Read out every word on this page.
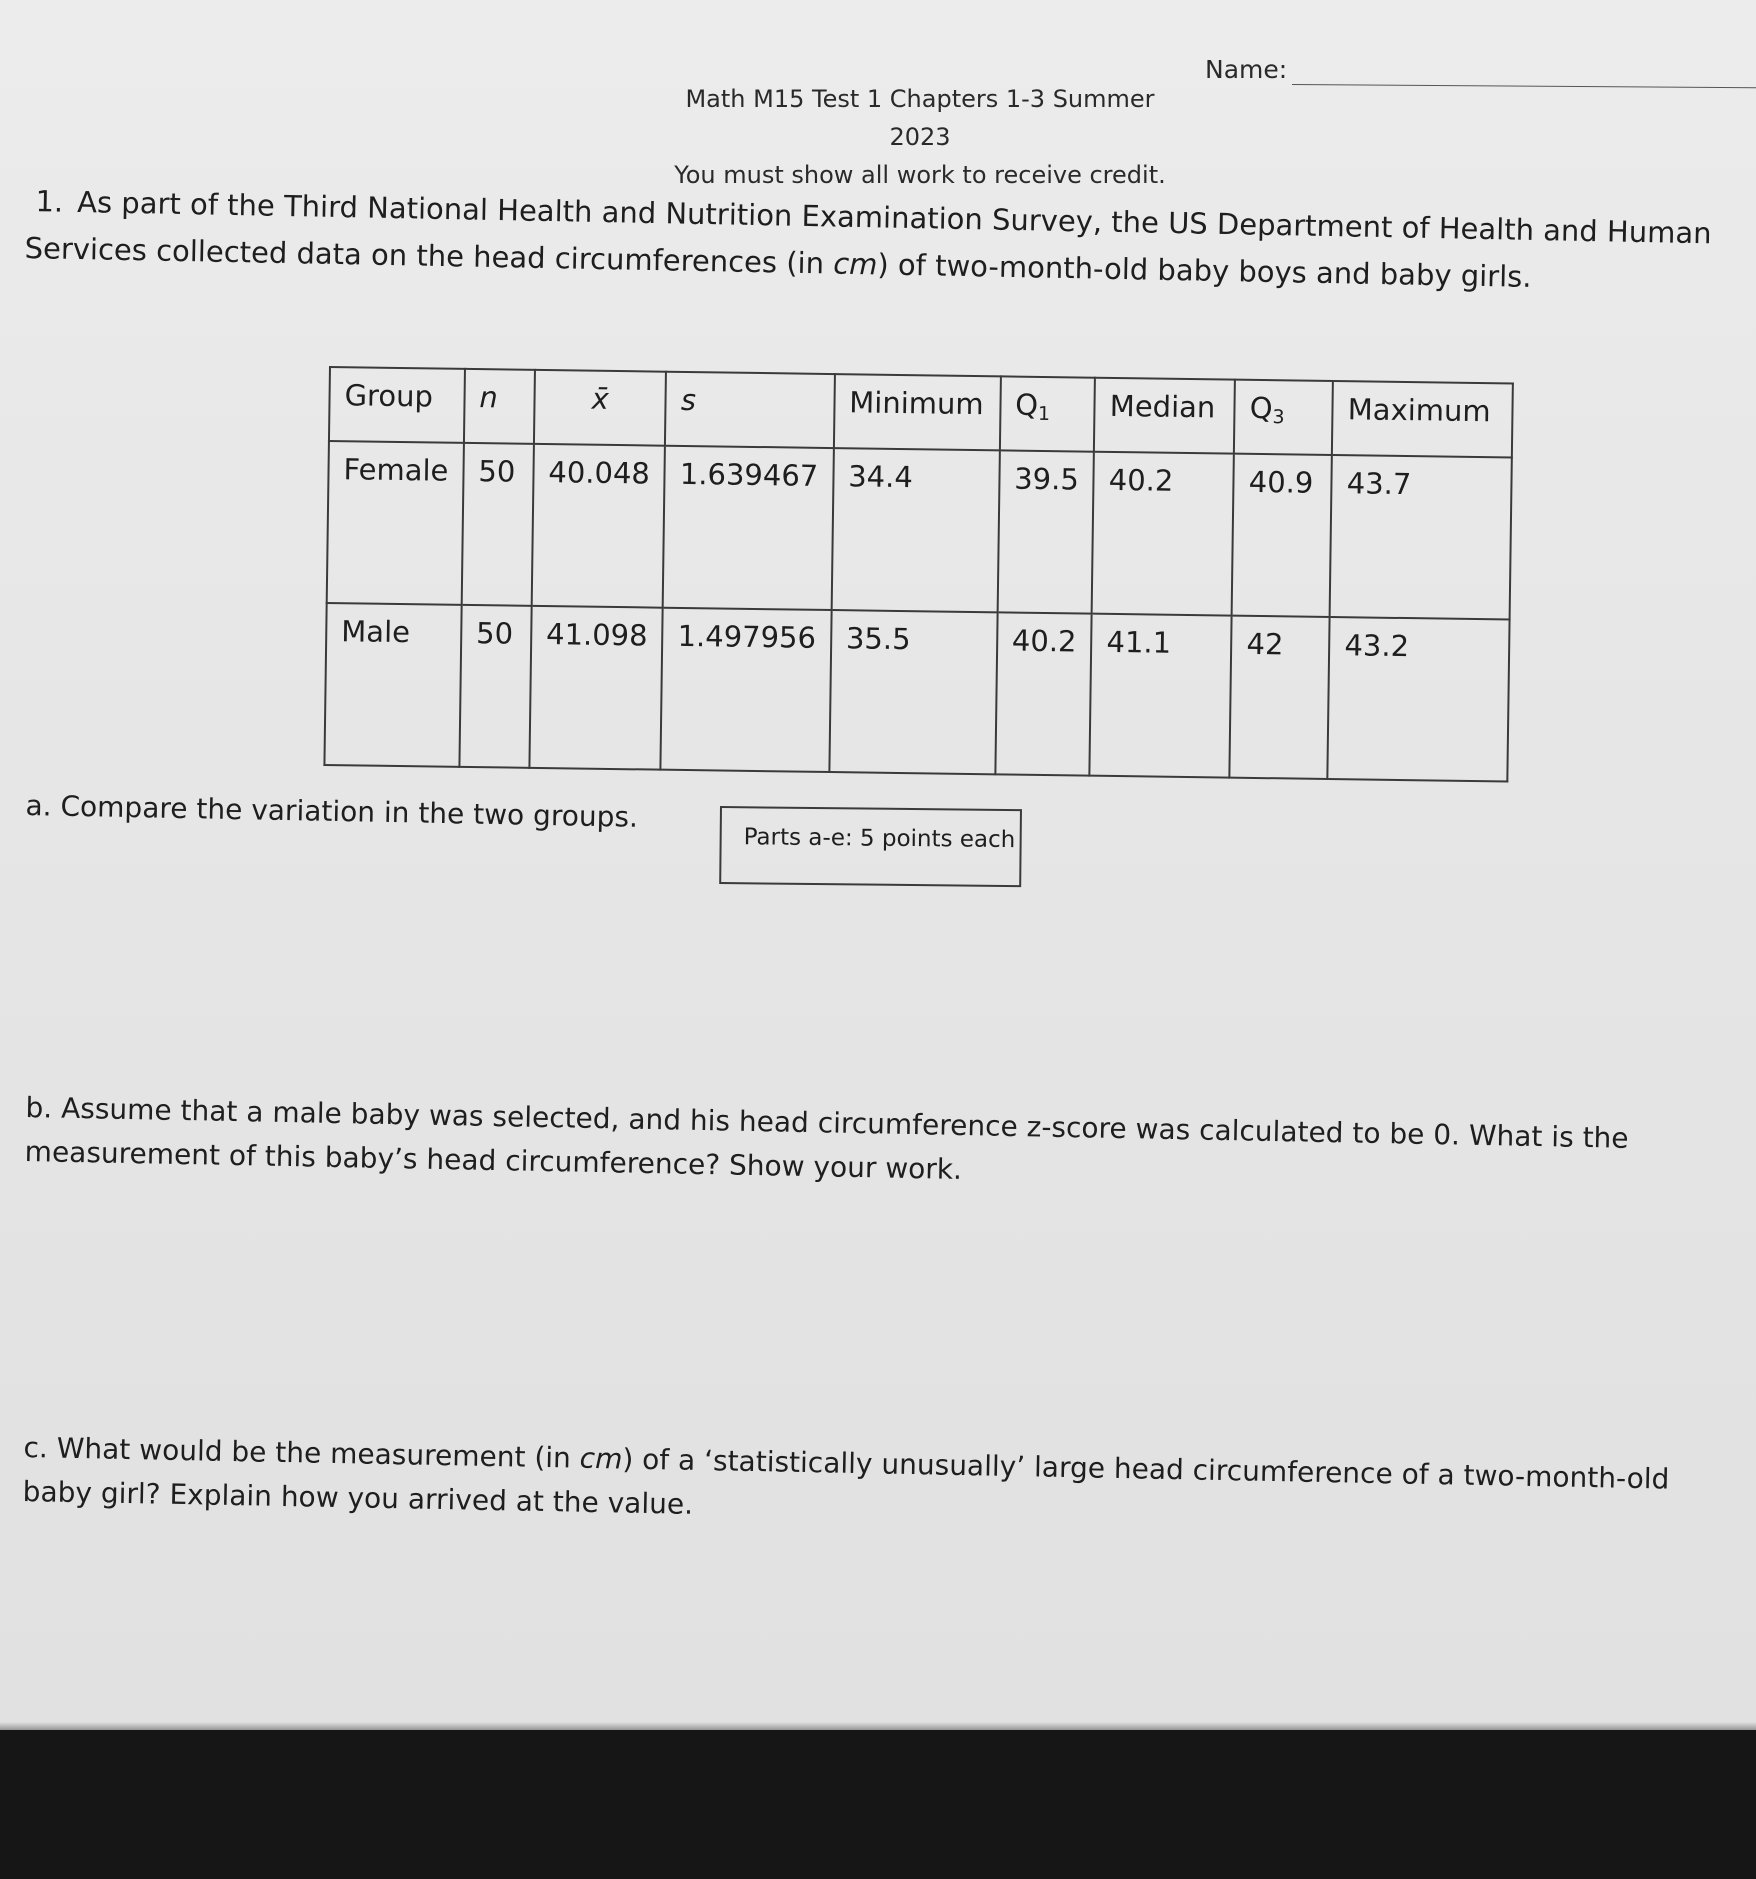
Name:
Math M15 Test 1 Chapters 1-3 Summer 2023
You must show all work to receive credit.
1. As part of the Third National Health and Nutrition Examination Survey, the US Department of Health and Human Services collected data on the head circumferences (in cm) of two-month-old baby boys and baby girls.
Group	n	x̄	s	Minimum	$Q_1$	Median	$Q_3$	Maximum
Female	50	40.048	1.639467	34.4	39.5	40.2	40.9	43.7
Male	50	41.098	1.497956	35.5	40.2	41.1	42	43.2
a. Compare the variation in the two groups.
Parts a-e: 5 points each
b. Assume that a male baby was selected, and his head circumference z-score was calculated to be 0. What is the measurement of this baby’s head circumference? Show your work.
c. What would be the measurement (in cm) of a ‘statistically unusually’ large head circumference of a two-month-old baby girl? Explain how you arrived at the value.
